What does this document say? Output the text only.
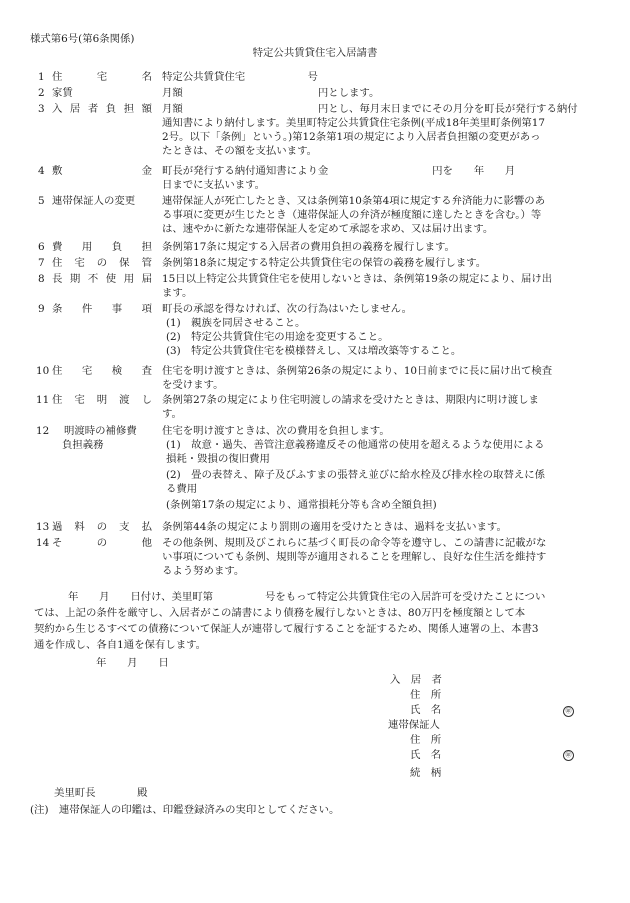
様式第6号(第6条関係)
特定公共賃貸住宅入居請書
1 住	宅	名 特定公共賃貸住宅　　　　　　号
2 家賃	月額　　　　　　　　　　　　　円とします。
3 入 居 者 負 担 額 月額　　　　　　　　　　　　　円とし、毎月末日までにその月分を町長が発行する納付
通知書により納付します。美里町特定公共賃貸住宅条例(平成18年美里町条例第17
2号。以下「条例」という。)第12条第1項の規定により入居者負担額の変更があっ
たときは、その額を支払います。
4 敷	金 町長が発行する納付通知書により金　　　　　　　　　　円を　　年　　月
日までに支払います。
5 連帯保証人の変更	連帯保証人が死亡したとき、又は条例第10条第4項に規定する弁済能力に影響のあ
る事項に変更が生じたとき（連帯保証人の弁済が極度額に達したときを含む。）等
は、速やかに新たな連帯保証人を定めて承認を求め、又は届け出ます。
6 費 用 負 担 条例第17条に規定する入居者の費用負担の義務を履行します。
7 住 宅 の 保 管 条例第18条に規定する特定公共賃貸住宅の保管の義務を履行します。
8 長 期 不 使 用 届 15日以上特定公共賃貸住宅を使用しないときは、条例第19条の規定により、届け出
ます。
9 条 件 事 項 町長の承認を得なければ、次の行為はいたしません。
(1)　親族を同居させること。
(2)　特定公共賃貸住宅の用途を変更すること。
(3)　特定公共賃貸住宅を模様替えし、又は増改築等すること。
10 住 宅 検 査 住宅を明け渡すときは、条例第26条の規定により、10日前までに長に届け出て検査
を受けます。
11 住 宅 明 渡 し 条例第27条の規定により住宅明渡しの請求を受けたときは、期限内に明け渡しま
す。
12 明渡時の補修費
負担義務
住宅を明け渡すときは、次の費用を負担します。
(1)　故意・過失、善管注意義務違反その他通常の使用を超えるような使用による
損耗・毀損の復旧費用
(2)　畳の表替え、障子及びふすまの張替え並びに給水栓及び排水栓の取替えに係
る費用
(条例第17条の規定により、通常損耗分等も含め全額負担)
13 過 料 の 支 払 条例第44条の規定により罰則の適用を受けたときは、過料を支払います。
14 そ	の	他 その他条例、規則及びこれらに基づく町長の命令等を遵守し、この請書に記載がな
い事項についても条例、規則等が適用されることを理解し、良好な住生活を維持す
るよう努めます。
年　　月　　日付け、美里町第　　　　　号をもって特定公共賃貸住宅の入居許可を受けたことについ
ては、上記の条件を厳守し、入居者がこの請書により債務を履行しないときは、80万円を極度額として本
契約から生じるすべての債務について保証人が連帯して履行することを証するため、関係人連署の上、本書3
通を作成し、各自1通を保有します。
年　　月　　日
入　居　者
住　所
氏　名	㊞
連帯保証人
住　所
氏　名	㊞
続　柄
美里町長　　　　殿
(注)　連帯保証人の印鑑は、印鑑登録済みの実印としてください。
